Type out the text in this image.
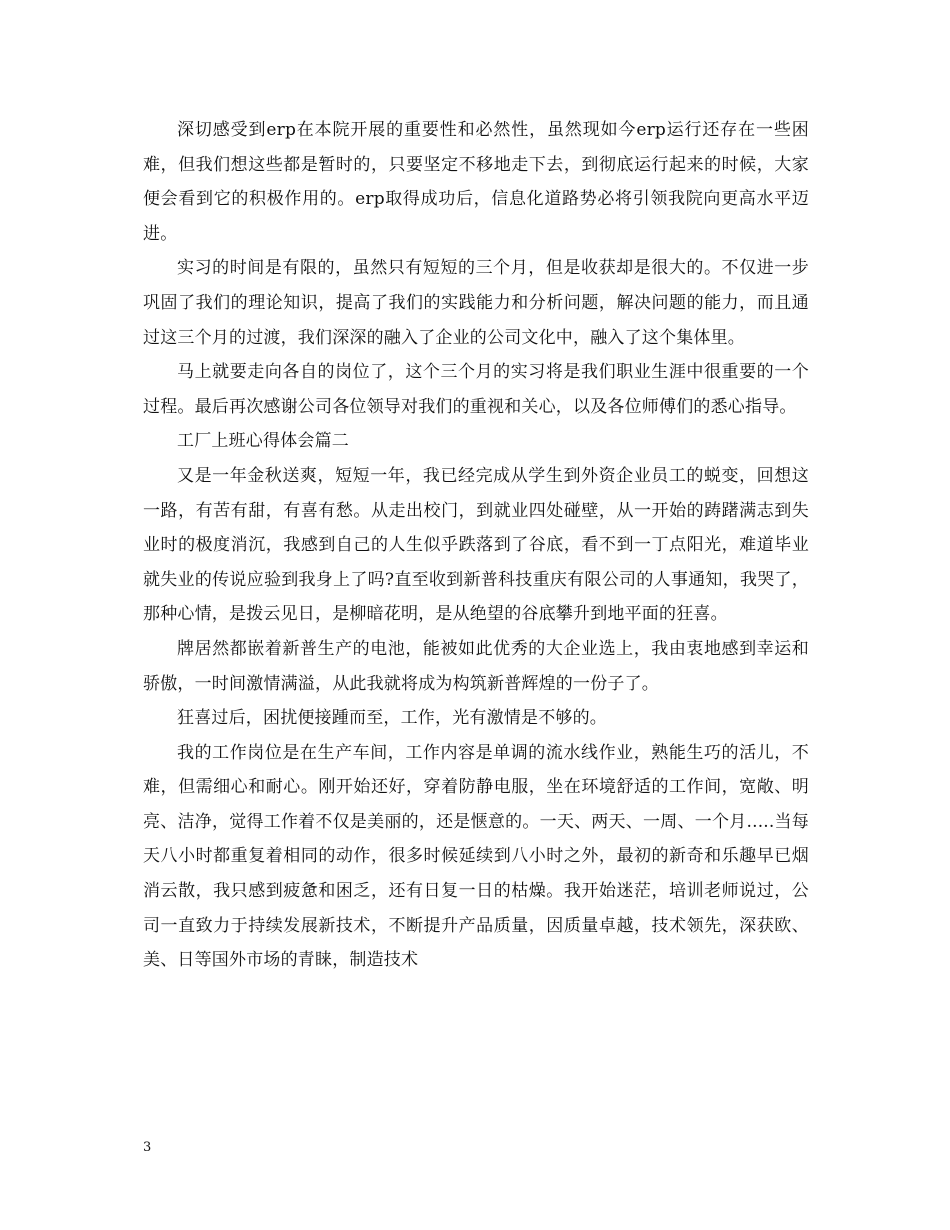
深切感受到erp在本院开展的重要性和必然性，虽然现如今erp运行还存在一些困难，但我们想这些都是暂时的，只要坚定不移地走下去，到彻底运行起来的时候，大家便会看到它的积极作用的。erp取得成功后，信息化道路势必将引领我院向更高水平迈进。

实习的时间是有限的，虽然只有短短的三个月，但是收获却是很大的。不仅进一步巩固了我们的理论知识，提高了我们的实践能力和分析问题，解决问题的能力，而且通过这三个月的过渡，我们深深的融入了企业的公司文化中，融入了这个集体里。

马上就要走向各自的岗位了，这个三个月的实习将是我们职业生涯中很重要的一个过程。最后再次感谢公司各位领导对我们的重视和关心，以及各位师傅们的悉心指导。

工厂上班心得体会篇二

又是一年金秋送爽，短短一年，我已经完成从学生到外资企业员工的蜕变，回想这一路，有苦有甜，有喜有愁。从走出校门，到就业四处碰壁，从一开始的踌躇满志到失业时的极度消沉，我感到自己的人生似乎跌落到了谷底，看不到一丁点阳光，难道毕业就失业的传说应验到我身上了吗?直至收到新普科技重庆有限公司的人事通知，我哭了，那种心情，是拨云见日，是柳暗花明，是从绝望的谷底攀升到地平面的狂喜。

牌居然都嵌着新普生产的电池，能被如此优秀的大企业选上，我由衷地感到幸运和骄傲，一时间激情满溢，从此我就将成为构筑新普辉煌的一份子了。

狂喜过后，困扰便接踵而至，工作，光有激情是不够的。

我的工作岗位是在生产车间，工作内容是单调的流水线作业，熟能生巧的活儿，不难，但需细心和耐心。刚开始还好，穿着防静电服，坐在环境舒适的工作间，宽敞、明亮、洁净，觉得工作着不仅是美丽的，还是惬意的。一天、两天、一周、一个月.....当每天八小时都重复着相同的动作，很多时候延续到八小时之外，最初的新奇和乐趣早已烟消云散，我只感到疲惫和困乏，还有日复一日的枯燥。我开始迷茫，培训老师说过，公司一直致力于持续发展新技术，不断提升产品质量，因质量卓越，技术领先，深获欧、美、日等国外市场的青睐，制造技术

3
